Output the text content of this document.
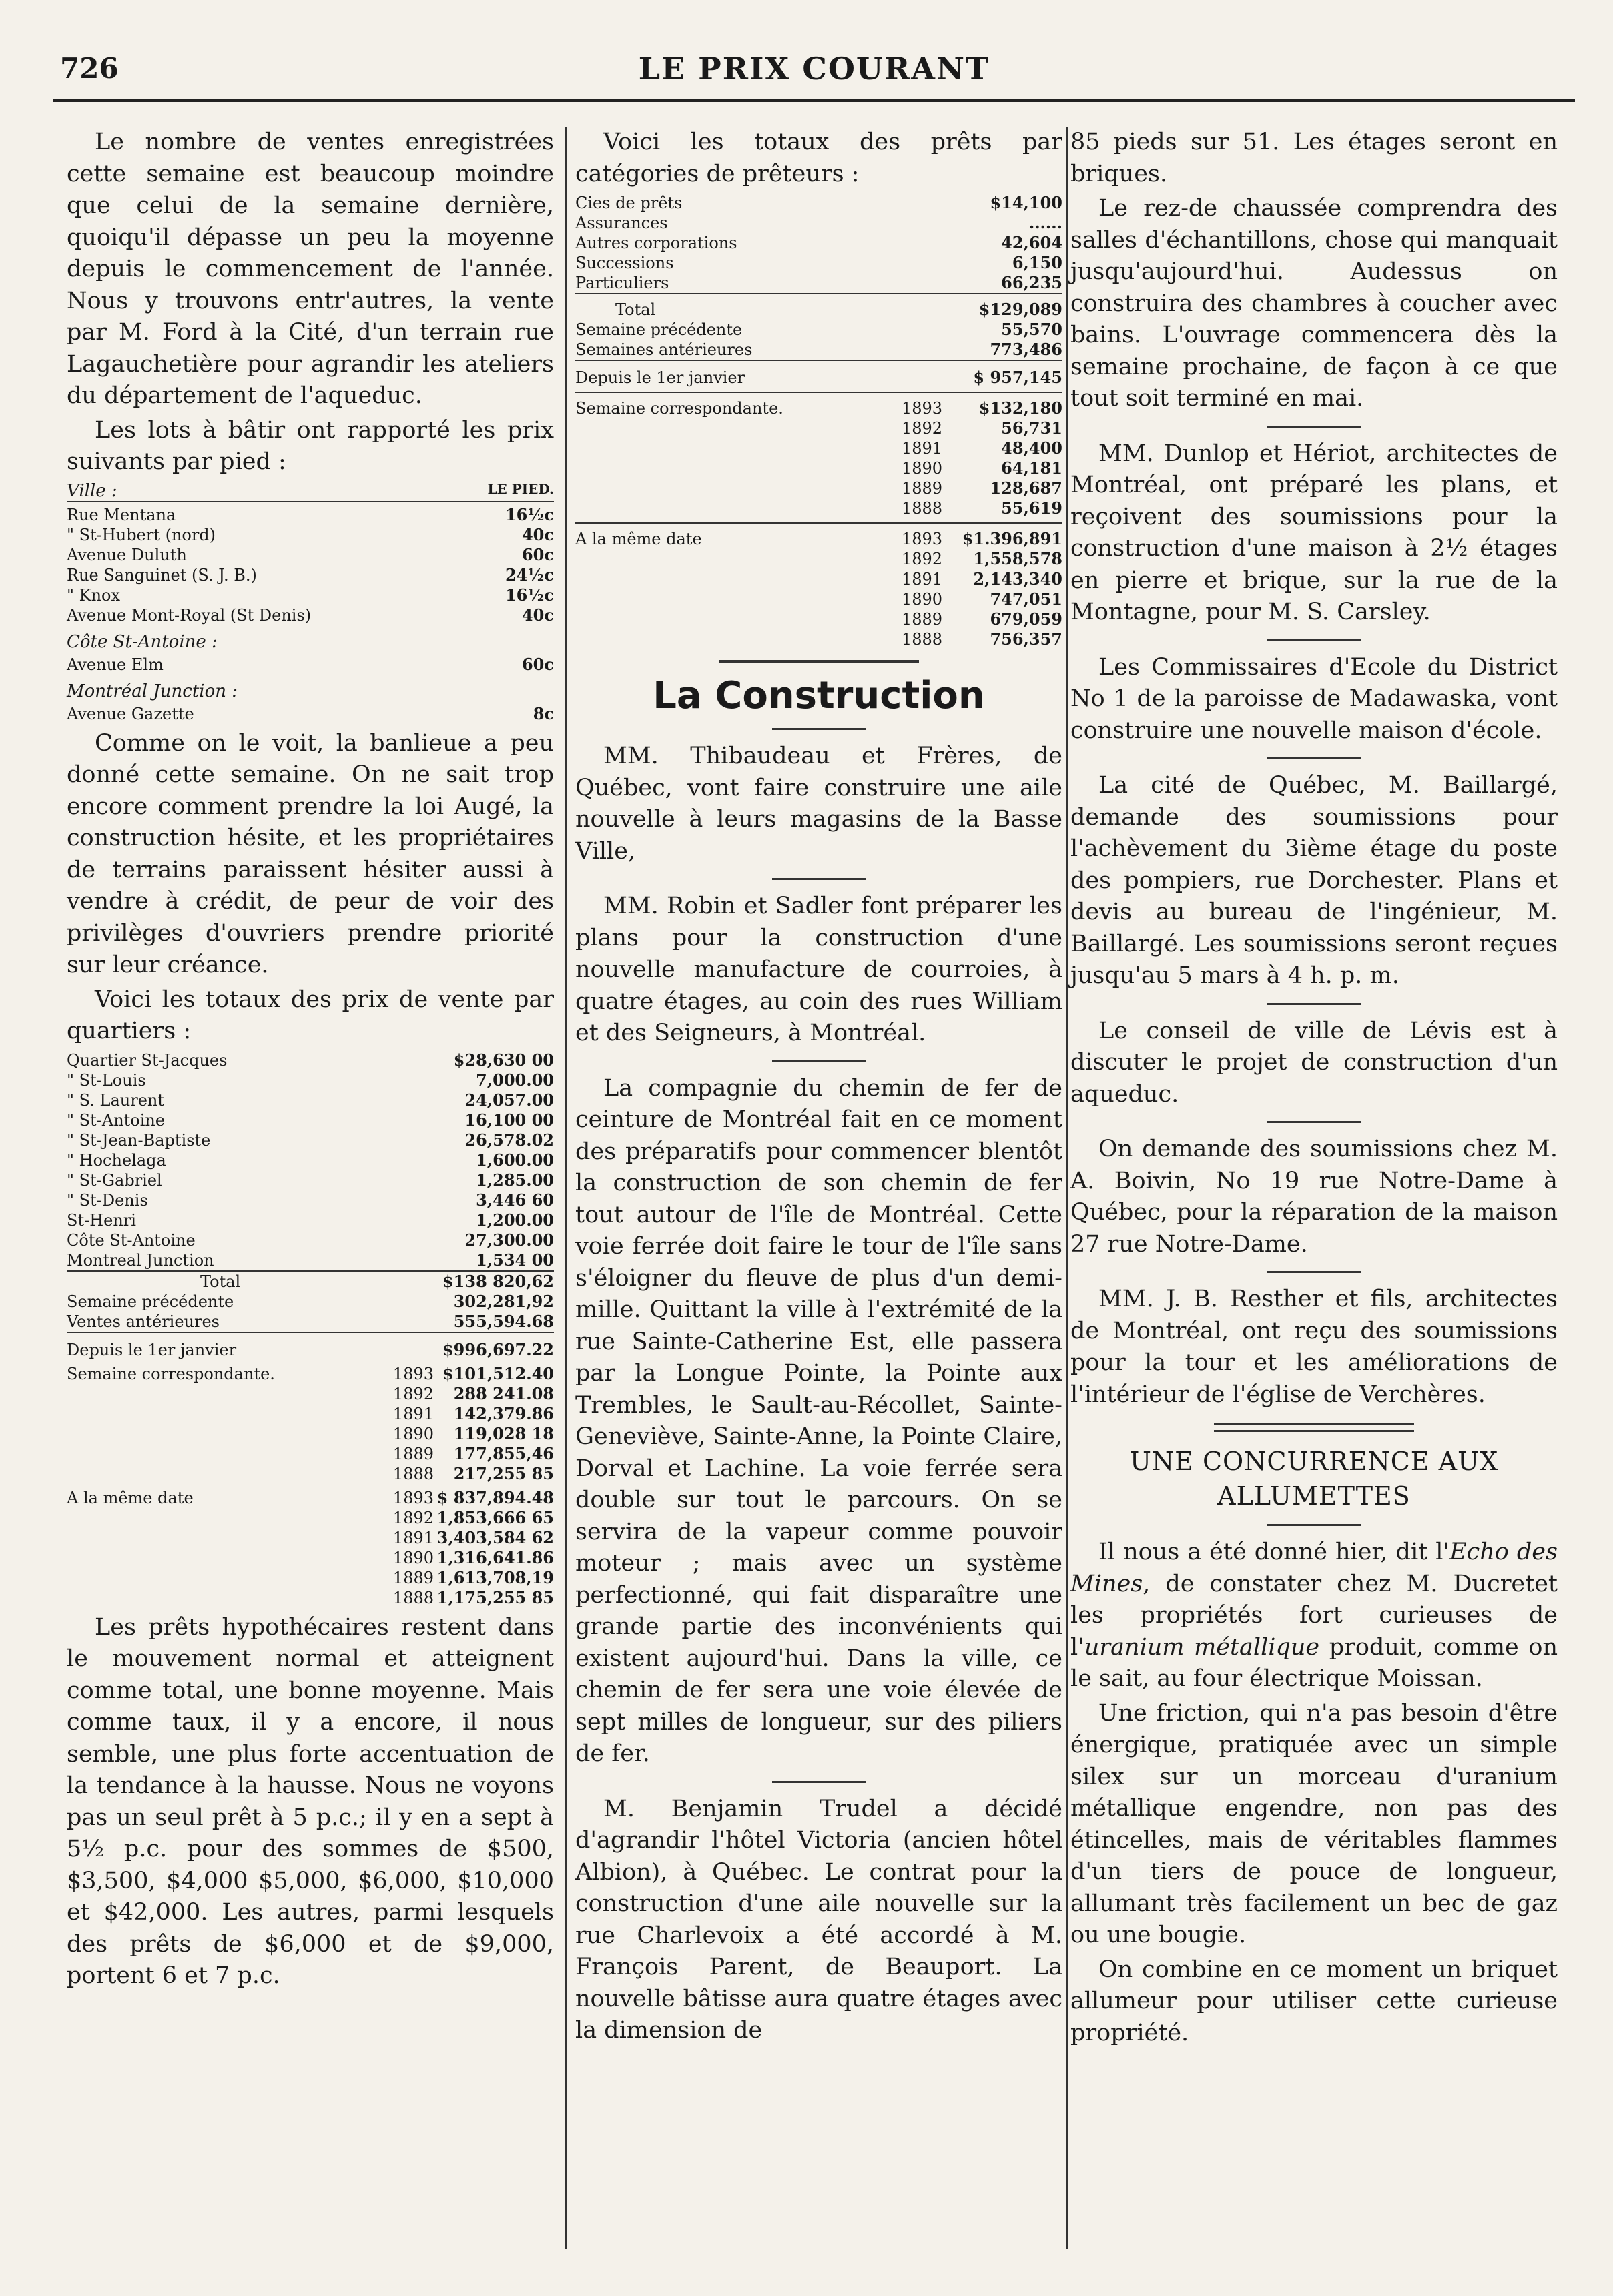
726	LE PRIX COURANT

Le nombre de ventes enregistrées cette semaine est beaucoup moindre que celui de la semaine dernière, quoiqu'il dépasse un peu la moyenne depuis le commencement de l'année. Nous y trouvons entr'autres, la vente par M. Ford à la Cité, d'un terrain rue Lagauchetière pour agrandir les ateliers du département de l'aqueduc.

Les lots à bâtir ont rapporté les prix suivants par pied :

Ville :	LE PIED.
Rue Mentana	16½c
" St-Hubert (nord)	40c
Avenue Duluth	60c
Rue Sanguinet (S. J. B.)	24½c
" Knox	16½c
Avenue Mont-Royal (St Denis)	40c
Côte St-Antoine :
Avenue Elm	60c
Montréal Junction :
Avenue Gazette	8c

Comme on le voit, la banlieue a peu donné cette semaine. On ne sait trop encore comment prendre la loi Augé, la construction hésite, et les propriétaires de terrains paraissent hésiter aussi à vendre à crédit, de peur de voir des privilèges d'ouvriers prendre priorité sur leur créance.

Voici les totaux des prix de vente par quartiers :

Quartier St-Jacques	$28,630 00
" St-Louis	7,000.00
" S. Laurent	24,057.00
" St-Antoine	16,100 00
" St-Jean-Baptiste	26,578.02
" Hochelaga	1,600.00
" St-Gabriel	1,285.00
" St-Denis	3,446 60
St-Henri	1,200.00
Côte St-Antoine	27,300.00
Montreal Junction	1,534 00
Total	$138 820,62
Semaine précédente	302,281,92
Ventes antérieures	555,594.68
Depuis le 1er janvier	$996,697.22
Semaine correspondante.	1893	$101,512.40
	1892	288 241.08
	1891	142,379.86
	1890	119,028 18
	1889	177,855,46
	1888	217,255 85
A la même date	1893	$ 837,894.48
	1892	1,853,666 65
	1891	3,403,584 62
	1890	1,316,641.86
	1889	1,613,708,19
	1888	1,175,255 85

Les prêts hypothécaires restent dans le mouvement normal et atteignent comme total, une bonne moyenne. Mais comme taux, il y a encore, il nous semble, une plus forte accentuation de la tendance à la hausse. Nous ne voyons pas un seul prêt à 5 p.c.; il y en a sept à 5½ p.c. pour des sommes de $500, $3,500, $4,000 $5,000, $6,000, $10,000 et $42,000. Les autres, parmi lesquels des prêts de $6,000 et de $9,000, portent 6 et 7 p.c.

Voici les totaux des prêts par catégories de prêteurs :

Cies de prêts	$14,100
Assurances	......
Autres corporations	42,604
Successions	6,150
Particuliers	66,235
Total	$129,089
Semaine précédente	55,570
Semaines antérieures	773,486
Depuis le 1er janvier	$ 957,145
Semaine correspondante.	1893	$132,180
	1892	56,731
	1891	48,400
	1890	64,181
	1889	128,687
	1888	55,619
A la même date	1893	$1.396,891
	1892	1,558,578
	1891	2,143,340
	1890	747,051
	1889	679,059
	1888	756,357
La Construction

MM. Thibaudeau et Frères, de Québec, vont faire construire une aile nouvelle à leurs magasins de la Basse Ville,

MM. Robin et Sadler font préparer les plans pour la construction d'une nouvelle manufacture de courroies, à quatre étages, au coin des rues William et des Seigneurs, à Montréal.

La compagnie du chemin de fer de ceinture de Montréal fait en ce moment des préparatifs pour commencer blentôt la construction de son chemin de fer tout autour de l'île de Montréal. Cette voie ferrée doit faire le tour de l'île sans s'éloigner du fleuve de plus d'un demi-mille. Quittant la ville à l'extrémité de la rue Sainte-Catherine Est, elle passera par la Longue Pointe, la Pointe aux Trembles, le Sault-au-Récollet, Sainte-Geneviève, Sainte-Anne, la Pointe Claire, Dorval et Lachine. La voie ferrée sera double sur tout le parcours. On se servira de la vapeur comme pouvoir moteur ; mais avec un système perfectionné, qui fait disparaître une grande partie des inconvénients qui existent aujourd'hui. Dans la ville, ce chemin de fer sera une voie élevée de sept milles de longueur, sur des piliers de fer.

M. Benjamin Trudel a décidé d'agrandir l'hôtel Victoria (ancien hôtel Albion), à Québec. Le contrat pour la construction d'une aile nouvelle sur la rue Charlevoix a été accordé à M. François Parent, de Beauport. La nouvelle bâtisse aura quatre étages avec la dimension de

85 pieds sur 51. Les étages seront en briques.

Le rez-de chaussée comprendra des salles d'échantillons, chose qui manquait jusqu'aujourd'hui. Audessus on construira des chambres à coucher avec bains. L'ouvrage commencera dès la semaine prochaine, de façon à ce que tout soit terminé en mai.

MM. Dunlop et Hériot, architectes de Montréal, ont préparé les plans, et reçoivent des soumissions pour la construction d'une maison à 2½ étages en pierre et brique, sur la rue de la Montagne, pour M. S. Carsley.

Les Commissaires d'Ecole du District No 1 de la paroisse de Madawaska, vont construire une nouvelle maison d'école.

La cité de Québec, M. Baillargé, demande des soumissions pour l'achèvement du 3ième étage du poste des pompiers, rue Dorchester. Plans et devis au bureau de l'ingénieur, M. Baillargé. Les soumissions seront reçues jusqu'au 5 mars à 4 h. p. m.

Le conseil de ville de Lévis est à discuter le projet de construction d'un aqueduc.

On demande des soumissions chez M. A. Boivin, No 19 rue Notre-Dame à Québec, pour la réparation de la maison 27 rue Notre-Dame.

MM. J. B. Resther et fils, architectes de Montréal, ont reçu des soumissions pour la tour et les améliorations de l'intérieur de l'église de Verchères.

UNE CONCURRENCE AUX
ALLUMETTES

Il nous a été donné hier, dit l'Echo des Mines, de constater chez M. Ducretet les propriétés fort curieuses de l'uranium métallique produit, comme on le sait, au four électrique Moissan.

Une friction, qui n'a pas besoin d'être énergique, pratiquée avec un simple silex sur un morceau d'uranium métallique engendre, non pas des étincelles, mais de véritables flammes d'un tiers de pouce de longueur, allumant très facilement un bec de gaz ou une bougie.

On combine en ce moment un briquet allumeur pour utiliser cette curieuse propriété.
